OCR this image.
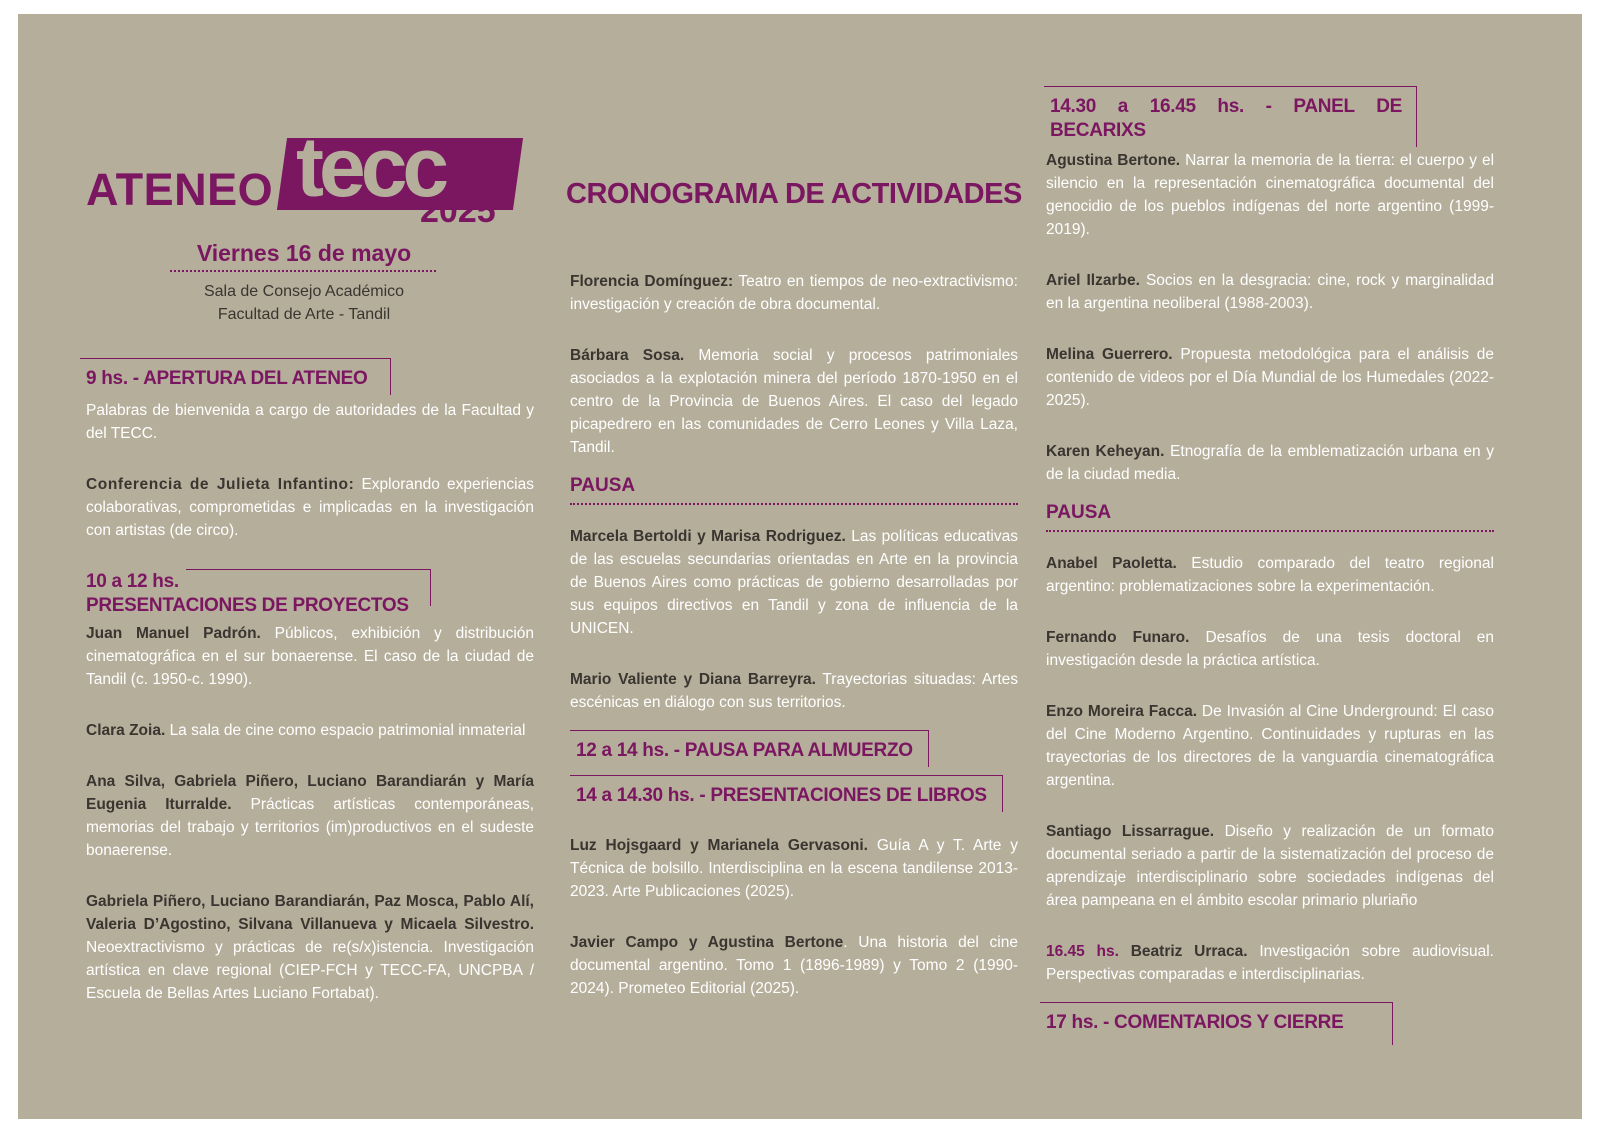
ATENEO tecc
2025
Viernes 16 de mayo
Sala de Consejo Académico
Facultad de Arte - Tandil
CRONOGRAMA DE ACTIVIDADES
9 hs. - APERTURA DEL ATENEO

Palabras de bienvenida a cargo de autoridades de la Facultad y del TECC.

Conferencia de Julieta Infantino: Explorando experiencias colaborativas, comprometidas e implicadas en la investigación con artistas (de circo).

10 a 12 hs.
PRESENTACIONES DE PROYECTOS

Juan Manuel Padrón. Públicos, exhibición y distribución cinematográfica en el sur bonaerense. El caso de la ciudad de Tandil (c. 1950-c. 1990).

Clara Zoia. La sala de cine como espacio patrimonial inmaterial

Ana Silva, Gabriela Piñero, Luciano Barandiarán y María Eugenia Iturralde. Prácticas artísticas contemporáneas, memorias del trabajo y territorios (im)productivos en el sudeste bonaerense.

Gabriela Piñero, Luciano Barandiarán, Paz Mosca, Pablo Alí, Valeria D’Agostino, Silvana Villanueva y Micaela Silvestro. Neoextractivismo y prácticas de re(s/x)istencia. Investigación artística en clave regional (CIEP-FCH y TECC-FA, UNCPBA / Escuela de Bellas Artes Luciano Fortabat).

Florencia Domínguez: Teatro en tiempos de neo-extractivismo: investigación y creación de obra documental.

Bárbara Sosa. Memoria social y procesos patrimoniales asociados a la explotación minera del período 1870-1950 en el centro de la Provincia de Buenos Aires. El caso del legado picapedrero en las comunidades de Cerro Leones y Villa Laza, Tandil.

PAUSA

Marcela Bertoldi y Marisa Rodriguez. Las políticas educativas de las escuelas secundarias orientadas en Arte en la provincia de Buenos Aires como prácticas de gobierno desarrolladas por sus equipos directivos en Tandil y zona de influencia de la UNICEN.

Mario Valiente y Diana Barreyra. Trayectorias situadas: Artes escénicas en diálogo con sus territorios.

12 a 14 hs. - PAUSA PARA ALMUERZO 14 a 14.30 hs. - PRESENTACIONES DE LIBROS

Luz Hojsgaard y Marianela Gervasoni. Guía A y T. Arte y Técnica de bolsillo. Interdisciplina en la escena tandilense 2013-2023. Arte Publicaciones (2025).

Javier Campo y Agustina Bertone. Una historia del cine documental argentino. Tomo 1 (1896-1989) y Tomo 2 (1990-2024). Prometeo Editorial (2025).

14.30 a 16.45 hs. - PANEL DE BECARIXS

Agustina Bertone. Narrar la memoria de la tierra: el cuerpo y el silencio en la representación cinematográfica documental del genocidio de los pueblos indígenas del norte argentino (1999-2019).

Ariel Ilzarbe. Socios en la desgracia: cine, rock y marginalidad en la argentina neoliberal (1988-2003).

Melina Guerrero. Propuesta metodológica para el análisis de contenido de videos por el Día Mundial de los Humedales (2022-2025).

Karen Keheyan. Etnografía de la emblematización urbana en y de la ciudad media.

PAUSA

Anabel Paoletta. Estudio comparado del teatro regional argentino: problematizaciones sobre la experimentación.

Fernando Funaro. Desafíos de una tesis doctoral en investigación desde la práctica artística.

Enzo Moreira Facca. De Invasión al Cine Underground: El caso del Cine Moderno Argentino. Continuidades y rupturas en las trayectorias de los directores de la vanguardia cinematográfica argentina.

Santiago Lissarrague. Diseño y realización de un formato documental seriado a partir de la sistematización del proceso de aprendizaje interdisciplinario sobre sociedades indígenas del área pampeana en el ámbito escolar primario pluriaño

16.45 hs. Beatriz Urraca. Investigación sobre audiovisual. Perspectivas comparadas e interdisciplinarias.

17 hs. - COMENTARIOS Y CIERRE
